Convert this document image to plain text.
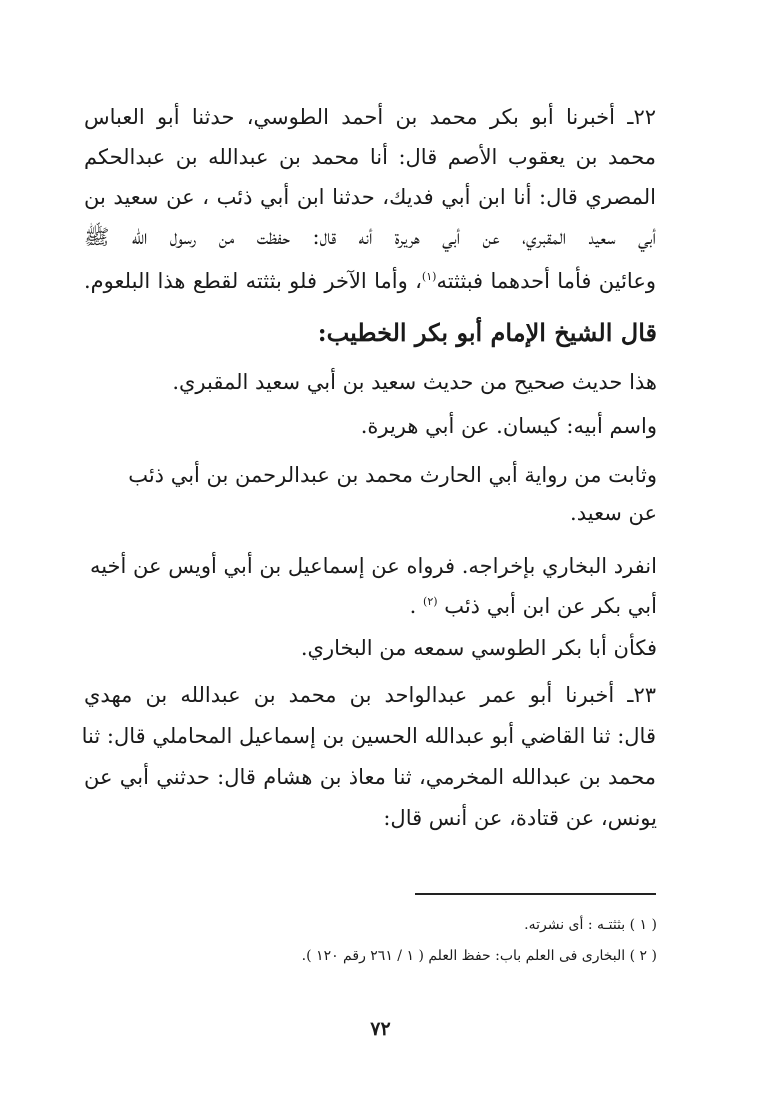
٢٢ـ أخبرنا أبو بكر محمد بن أحمد الطوسي، حدثنا أبو العباس
محمد بن يعقوب الأصم قال: أنا محمد بن عبدالله بن عبدالحكم
المصري قال: أنا ابن أبي فديك، حدثنا ابن أبي ذئب ، عن سعيد بن
أبي سعيد المقبري، عن أبي هريرة أنه قال: حفظت من رسول الله ﷺ
وعائين فأما أحدهما فبثثته$^{(١)}$، وأما الآخر فلو بثثته لقطع هذا البلعوم.
قال الشيخ الإمام أبو بكر الخطيب:
هذا حديث صحيح من حديث سعيد بن أبي سعيد المقبري.
واسم أبيه: كيسان. عن أبي هريرة.
وثابت من رواية أبي الحارث محمد بن عبدالرحمن بن أبي ذئب
عن سعيد.
انفرد البخاري بإخراجه. فرواه عن إسماعيل بن أبي أويس عن أخيه
أبي بكر عن ابن أبي ذئب $^{(٢)}$ .
فكأن أبا بكر الطوسي سمعه من البخاري.
٢٣ـ أخبرنا أبو عمر عبدالواحد بن محمد بن عبدالله بن مهدي
قال: ثنا القاضي أبو عبدالله الحسين بن إسماعيل المحاملي قال: ثنا
محمد بن عبدالله المخرمي، ثنا معاذ بن هشام قال: حدثني أبي عن
يونس، عن قتادة، عن أنس قال:
( ١ ) بثثتـه : أى نشرته.
( ٢ ) البخارى فى العلم باب: حفظ العلم ( ١ / ٢٦١ رقم ١٢٠ ).
٧٢
